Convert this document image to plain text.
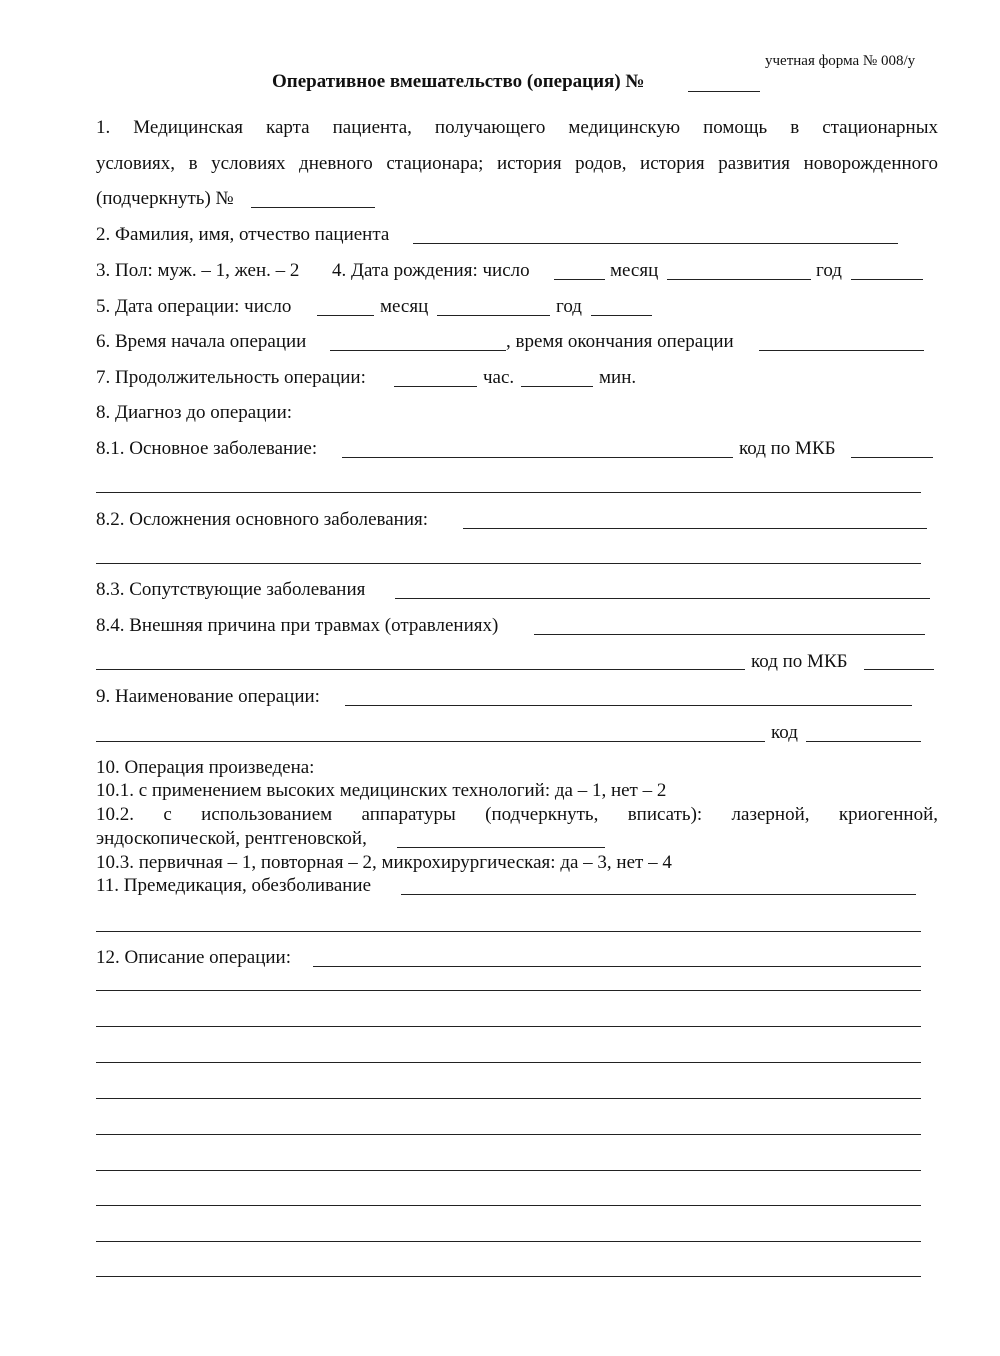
учетная форма № 008/у
Оперативное вмешательство (операция) №
1. Медицинская карта пациента, получающего медицинскую помощь в стационарных
условиях, в условиях дневного стационара; история родов, история развития новорожденного
(подчеркнуть) №
2. Фамилия, имя, отчество пациента
3. Пол: муж. – 1, жен. – 2 4. Дата рождения: число	месяц	год
5. Дата операции: число	месяц	год
6. Время начала операции	, время окончания операции
7. Продолжительность операции:	час.	мин.
8. Диагноз до операции:
8.1. Основное заболевание:	код по МКБ
8.2. Осложнения основного заболевания:
8.3. Сопутствующие заболевания
8.4. Внешняя причина при травмах (отравлениях)
код по МКБ
9. Наименование операции:
код
10. Операция произведена:
10.1. с применением высоких медицинских технологий: да – 1, нет – 2
10.2. с использованием аппаратуры (подчеркнуть, вписать): лазерной, криогенной,
эндоскопической, рентгеновской,
10.3. первичная – 1, повторная – 2, микрохирургическая: да – 3, нет – 4
11. Премедикация, обезболивание
12. Описание операции:
